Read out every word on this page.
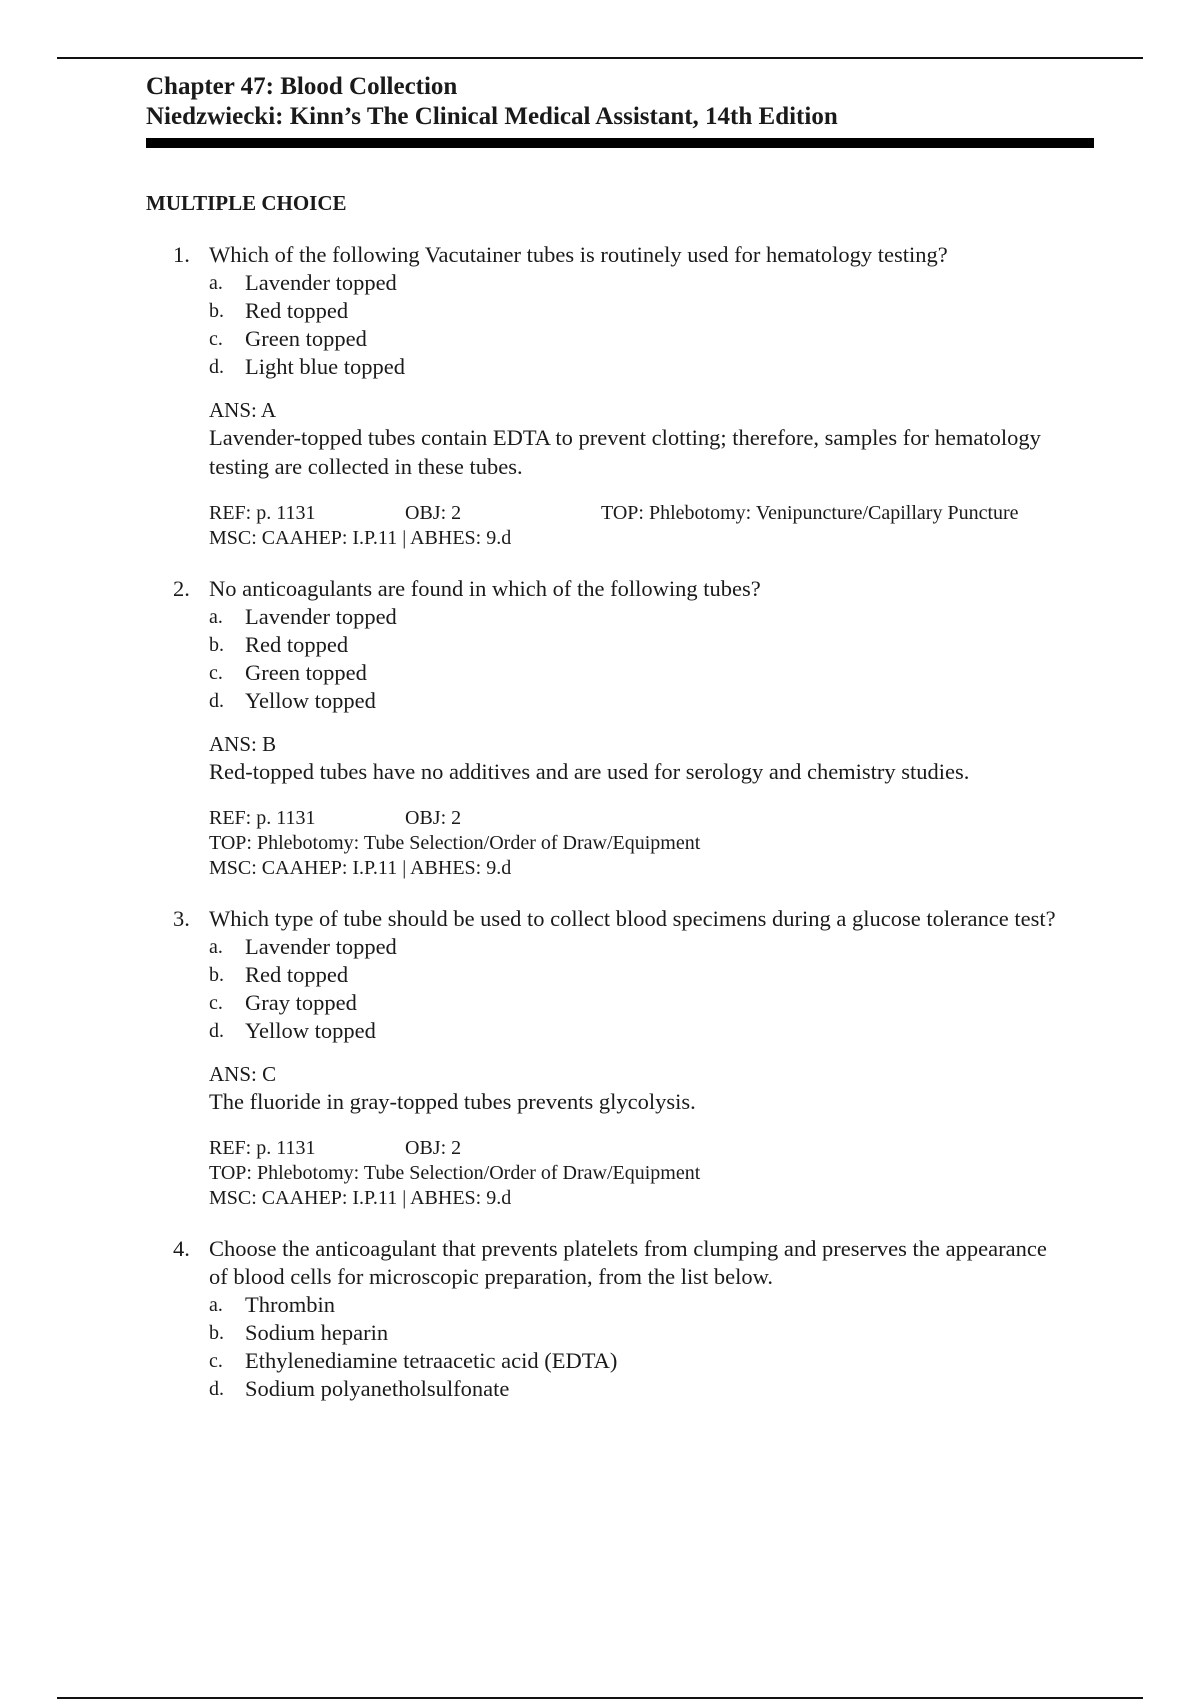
Chapter 47: Blood Collection
Niedzwiecki: Kinn’s The Clinical Medical Assistant, 14th Edition
MULTIPLE CHOICE
1. Which of the following Vacutainer tubes is routinely used for hematology testing?
a. Lavender topped
b. Red topped
c. Green topped
d. Light blue topped
ANS: A
Lavender-topped tubes contain EDTA to prevent clotting; therefore, samples for hematology testing are collected in these tubes.
REF: p. 1131	OBJ: 2	TOP: Phlebotomy: Venipuncture/Capillary Puncture
MSC: CAAHEP: I.P.11 | ABHES: 9.d
2. No anticoagulants are found in which of the following tubes?
a. Lavender topped
b. Red topped
c. Green topped
d. Yellow topped
ANS: B
Red-topped tubes have no additives and are used for serology and chemistry studies.
REF: p. 1131	OBJ: 2
TOP: Phlebotomy: Tube Selection/Order of Draw/Equipment
MSC: CAAHEP: I.P.11 | ABHES: 9.d
3. Which type of tube should be used to collect blood specimens during a glucose tolerance test?
a. Lavender topped
b. Red topped
c. Gray topped
d. Yellow topped
ANS: C
The fluoride in gray-topped tubes prevents glycolysis.
REF: p. 1131	OBJ: 2
TOP: Phlebotomy: Tube Selection/Order of Draw/Equipment
MSC: CAAHEP: I.P.11 | ABHES: 9.d
4. Choose the anticoagulant that prevents platelets from clumping and preserves the appearance of blood cells for microscopic preparation, from the list below.
a. Thrombin
b. Sodium heparin
c. Ethylenediamine tetraacetic acid (EDTA)
d. Sodium polyanetholsulfonate
